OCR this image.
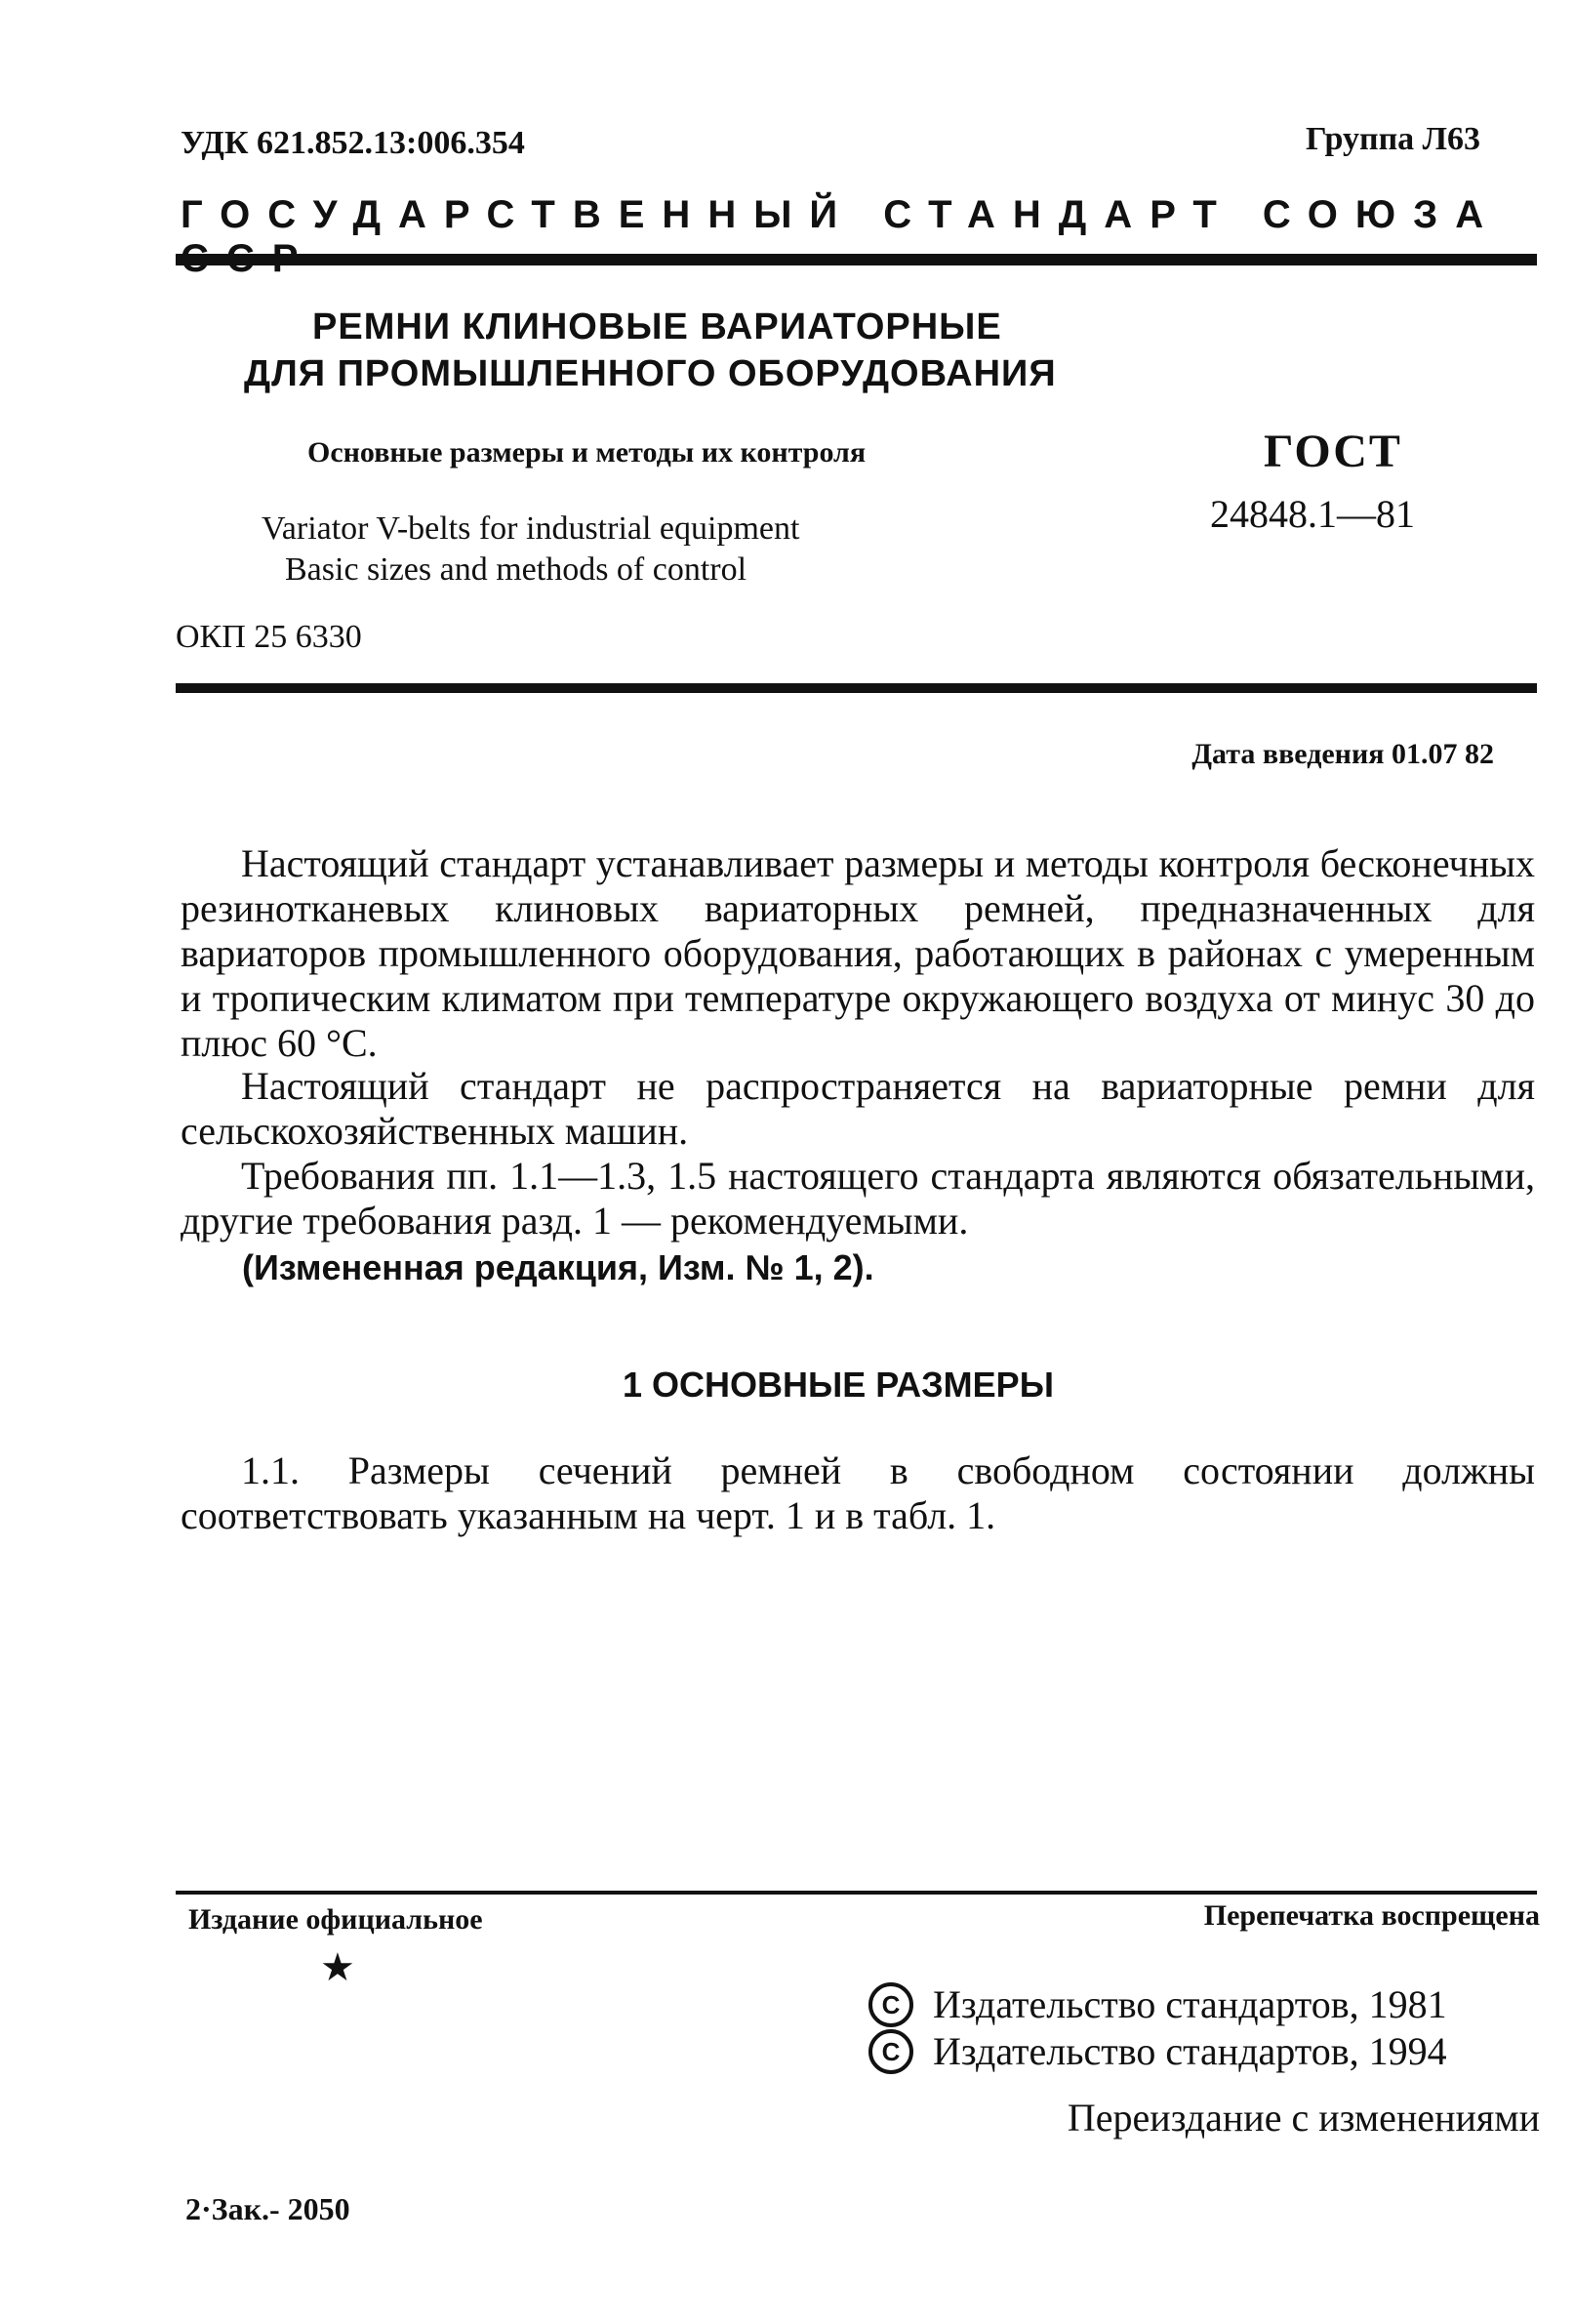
УДК 621.852.13:006.354	Группа Л63
ГОСУДАРСТВЕННЫЙ СТАНДАРТ СОЮЗА
РЕМНИ КЛИНОВЫЕ ВАРИАТОРНЫЕ
ДЛЯ ПРОМЫШЛЕННОГО ОБОРУДОВАНИЯ
Основные размеры и методы их контроля
Variator V-belts for industrial equipment
Basic sizes and methods of control
ОКП 25 6330
ГОСТ
24848.1—81
Дата введения 01.07 82

Настоящий стандарт устанавливает размеры и методы контроля бесконечных резинотканевых клиновых вариаторных ремней, предназначенных для вариаторов промышленного оборудования, работающих в районах с умеренным и тропическим климатом при температуре окружающего воздуха от минус 30 до плюс 60 °С.

Настоящий стандарт не распространяется на вариаторные ремни для сельскохозяйственных машин.

Требования пп. 1.1—1.3, 1.5 настоящего стандарта являются обязательными, другие требования разд. 1 — рекомендуемыми.

(Измененная редакция, Изм. № 1, 2).
1 ОСНОВНЫЕ РАЗМЕРЫ

1.1. Размеры сечений ремней в свободном состоянии должны соответствовать указанным на черт. 1 и в табл. 1.

Издание официальное
★
Перепечатка воспрещена
C Издательство стандартов, 1981
C Издательство стандартов, 1994
Переиздание с изменениями
2·Зак.- 2050
